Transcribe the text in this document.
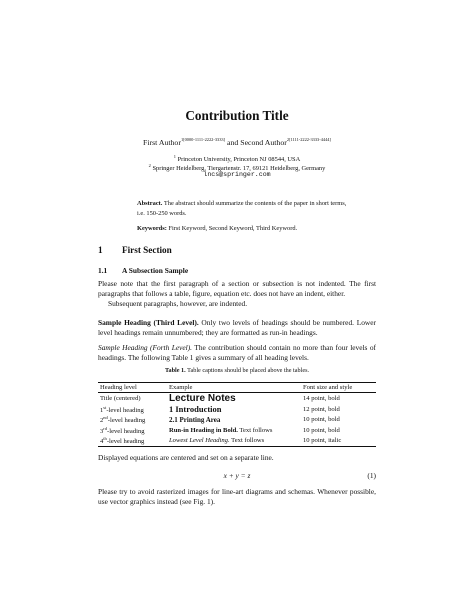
Contribution Title
First Author$^{1[0000-1111-2222-3333]}$ and Second Author$^{2[1111-2222-3333-4444]}$
$^1$ Princeton University, Princeton NJ 08544, USA
$^2$ Springer Heidelberg, Tiergartenstr. 17, 69121 Heidelberg, Germany
lncs@springer.com
Abstract. The abstract should summarize the contents of the paper in short terms, i.e. 150-250 words.
Keywords: First Keyword, Second Keyword, Third Keyword.
1 First Section
1.1 A Subsection Sample
Please note that the first paragraph of a section or subsection is not indented. The first paragraphs that follows a table, figure, equation etc. does not have an indent, either.
Subsequent paragraphs, however, are indented.
Sample Heading (Third Level). Only two levels of headings should be numbered. Lower level headings remain unnumbered; they are formatted as run-in headings.
Sample Heading (Forth Level). The contribution should contain no more than four levels of headings. The following Table 1 gives a summary of all heading levels.
Table 1. Table captions should be placed above the tables.
Heading level	Example	Font size and style
Title (centered)	Lecture Notes	14 point, bold
1st-level heading	1 Introduction	12 point, bold
2nd-level heading	2.1 Printing Area	10 point, bold
3rd-level heading	Run-in Heading in Bold. Text follows	10 point, bold
4th-level heading	Lowest Level Heading. Text follows	10 point, italic
Displayed equations are centered and set on a separate line.
x + y = z	(1)
Please try to avoid rasterized images for line-art diagrams and schemas. Whenever possible, use vector graphics instead (see Fig. 1).
